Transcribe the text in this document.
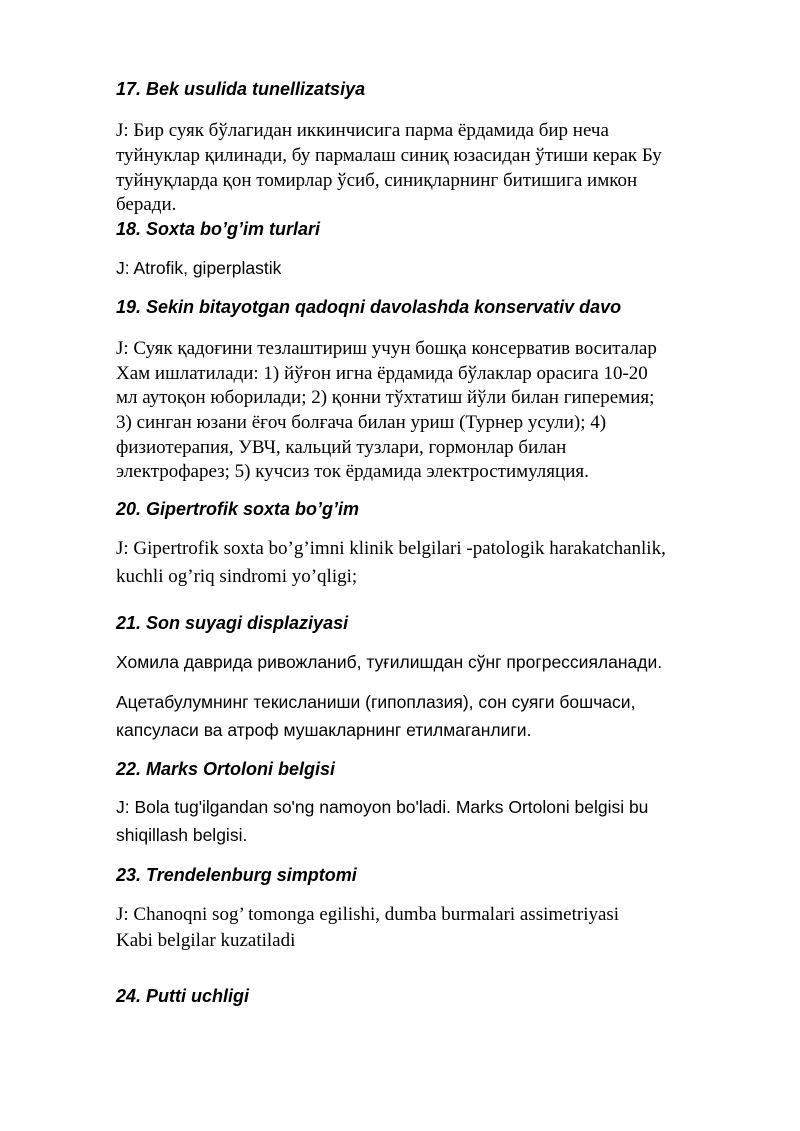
17. Bek usulida tunellizatsiya
J: Бир суяк бўлагидан иккинчисига парма ёрдамида бир неча
туйнуклар қилинади, бу пармалаш синиқ юзасидан ўтиши керак Бу
туйнуқларда қон томирлар ўсиб, синиқларнинг битишига имкон
беради.
18. Soxta bo’g’im turlari
J: Atrofik, giperplastik
19. Sekin bitayotgan qadoqni davolashda konservativ davo
J: Суяк қадоғини тезлаштириш учун бошқа консерватив воситалар
Хам ишлатилади: 1) йўғон игна ёрдамида бўлаклар орасига 10-20
мл аутоқон юборилади; 2) қонни тўхтатиш йўли билан гиперемия;
3) синган юзани ёғоч болғача билан уриш (Турнер усули); 4)
физиотерапия, УВЧ, кальций тузлари, гормонлар билан
электрофарез; 5) кучсиз ток ёрдамида электростимуляция.
20. Gipertrofik soxta bo’g’im
J: Gipertrofik soxta bo’g’imni klinik belgilari -patologik harakatchanlik,
kuchli og’riq sindromi yo’qligi;
21. Son suyagi displaziyasi
Хомила даврида ривожланиб, туғилишдан сўнг прогрессияланади.
Ацетабулумнинг текисланиши (гипоплазия), сон суяги бошчаси,
капсуласи ва атроф мушакларнинг етилмаганлиги.
22. Marks Ortoloni belgisi
J: Bola tug'ilgandan so'ng namoyon bo'ladi. Marks Ortoloni belgisi bu
shiqillash belgisi.
23. Trendelenburg simptomi
J: Chanoqni sog’ tomonga egilishi, dumba burmalari assimetriyasi
Kabi belgilar kuzatiladi
24. Putti uchligi
